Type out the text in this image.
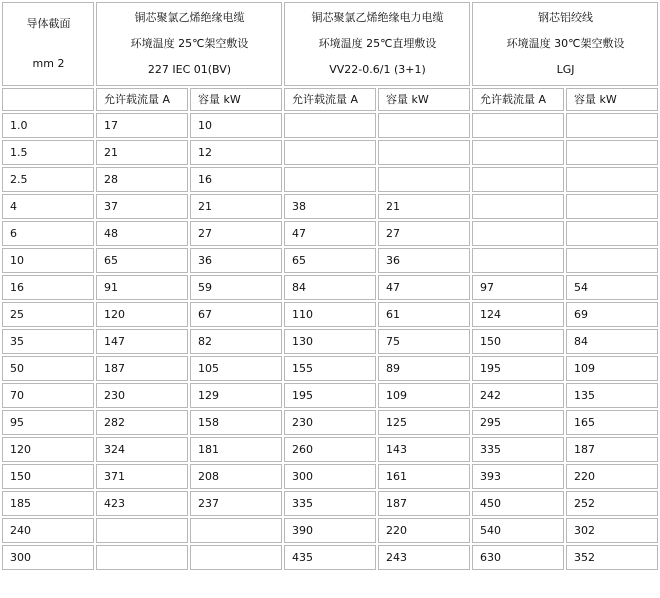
导体截面
mm 2	铜芯聚氯乙烯绝缘电缆
环境温度 25℃架空敷设
227 IEC 01(BV)		铜芯聚氯乙烯绝缘电力电缆
环境温度 25℃直埋敷设
VV22-0.6/1 (3+1)		钢芯铝绞线
环境温度 30℃架空敷设
LGJ	

	允许载流量 A	容量 kW	允许载流量 A	容量 kW	允许载流量 A	容量 kW
1.0	17	10				
1.5	21	12				
2.5	28	16				
4	37	21	38	21		
6	48	27	47	27		
10	65	36	65	36		
16	91	59	84	47	97	54
25	120	67	110	61	124	69
35	147	82	130	75	150	84
50	187	105	155	89	195	109
70	230	129	195	109	242	135
95	282	158	230	125	295	165
120	324	181	260	143	335	187
150	371	208	300	161	393	220
185	423	237	335	187	450	252
240			390	220	540	302
300			435	243	630	352
